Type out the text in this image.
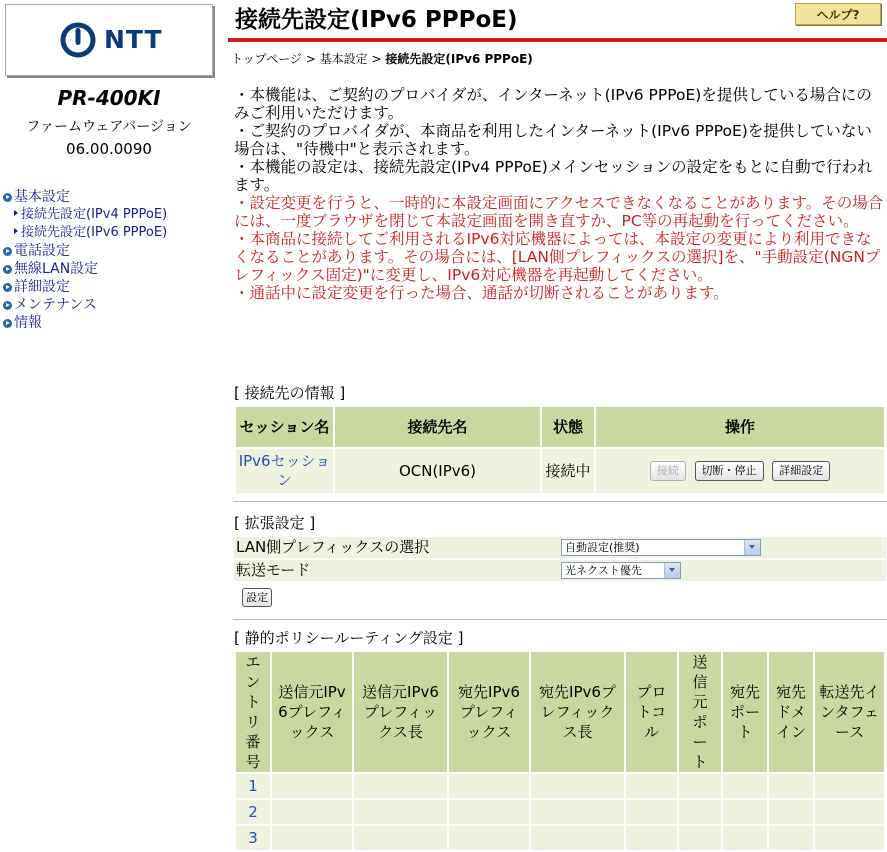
NTT
PR-400KI
ファームウェアバージョン
06.00.0090
基本設定
接続先設定(IPv4 PPPoE)
接続先設定(IPv6 PPPoE)
電話設定
無線LAN設定
詳細設定
メンテナンス
情報
接続先設定(IPv6 PPPoE)	ヘルプ?
トップページ > 基本設定 > 接続先設定(IPv6 PPPoE)
・本機能は、ご契約のプロバイダが、インターネット(IPv6 PPPoE)を提供している場合にのみご利用いただけます。
・ご契約のプロバイダが、本商品を利用したインターネット(IPv6 PPPoE)を提供していない場合は、"待機中"と表示されます。
・本機能の設定は、接続先設定(IPv4 PPPoE)メインセッションの設定をもとに自動で行われます。
・設定変更を行うと、一時的に本設定画面にアクセスできなくなることがあります。その場合には、一度ブラウザを閉じて本設定画面を開き直すか、PC等の再起動を行ってください。
・本商品に接続してご利用されるIPv6対応機器によっては、本設定の変更により利用できなくなることがあります。その場合には、[LAN側プレフィックスの選択]を、"手動設定(NGNプレフィックス固定)"に変更し、IPv6対応機器を再起動してください。
・通話中に設定変更を行った場合、通話が切断されることがあります。
[ 接続先の情報 ]
セッション名	接続先名	状態	操作
IPv6セッション	OCN(IPv6)	接続中	接続 切断・停止 詳細設定
[ 拡張設定 ]
LAN側プレフィックスの選択	自動設定(推奨)
転送モード	光ネクスト優先
設定
[ 静的ポリシールーティング設定 ]
エントリ番号	送信元IPv6プレフィックス	送信元IPv6プレフィックス長	宛先IPv6プレフィックス	宛先IPv6プレフィックス長	プロトコル	送信元ポート	宛先ポート	宛先ドメイン	転送先インタフェース

1									
2									
3									
